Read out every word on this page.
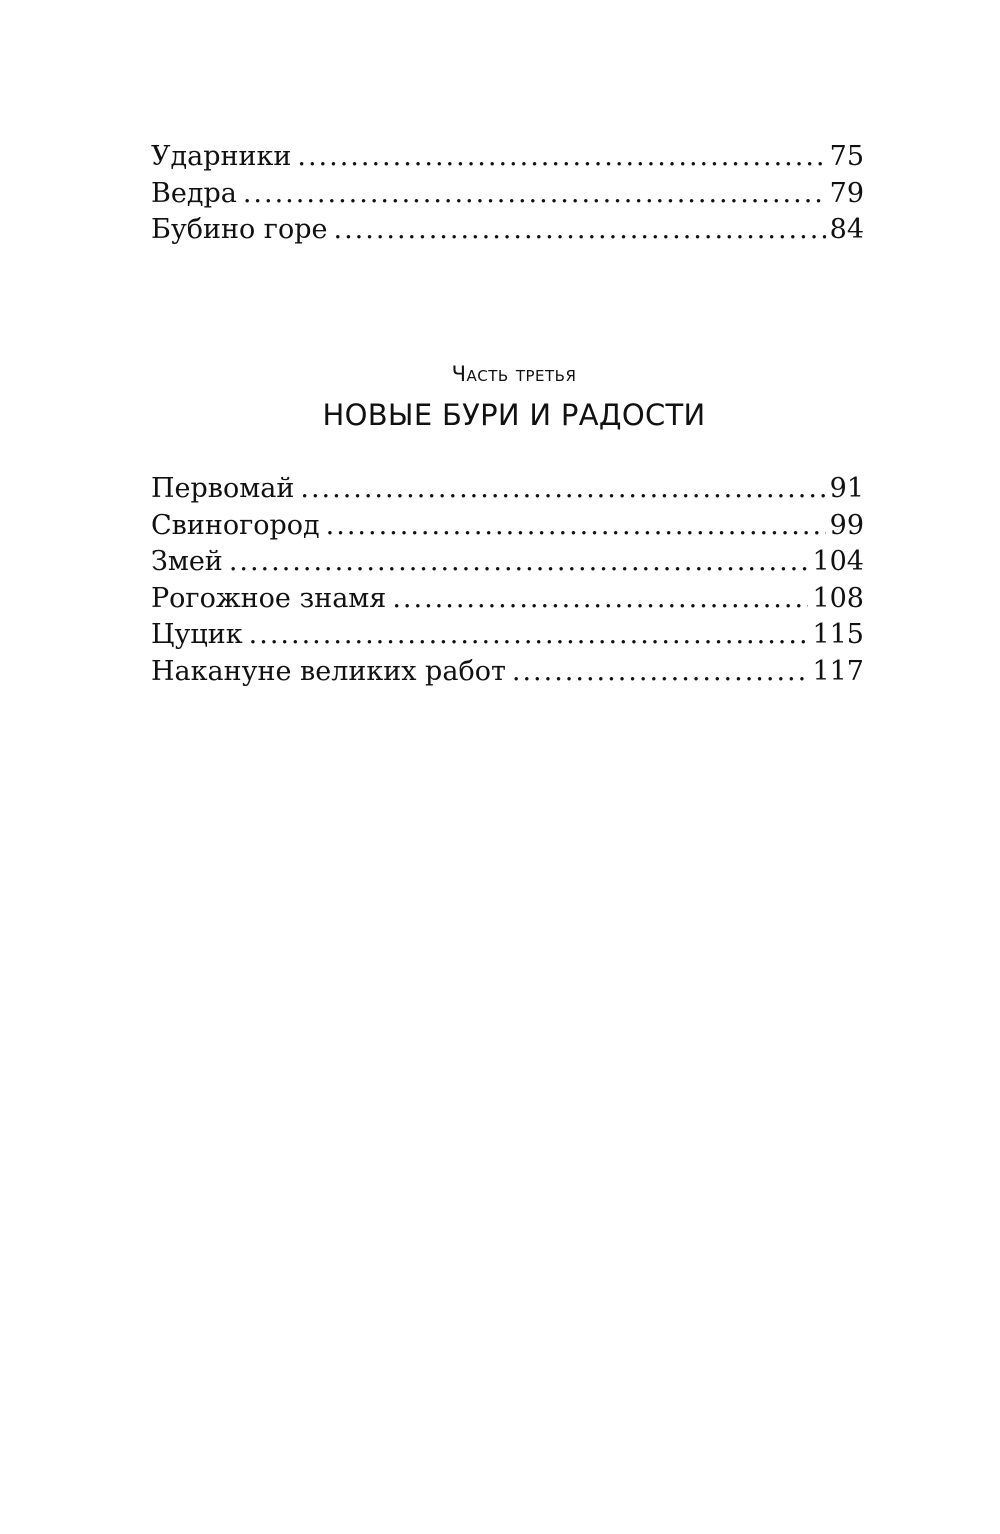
Ударники .....	75
Ведра .....	79
Бубино горе .....	84
Часть третья
НОВЫЕ БУРИ И РАДОСТИ
Первомай .....	91
Свиногород .....	99
Змей .....	104
Рогожное знамя .....	108
Цуцик .....	115
Накануне великих работ .....	117
